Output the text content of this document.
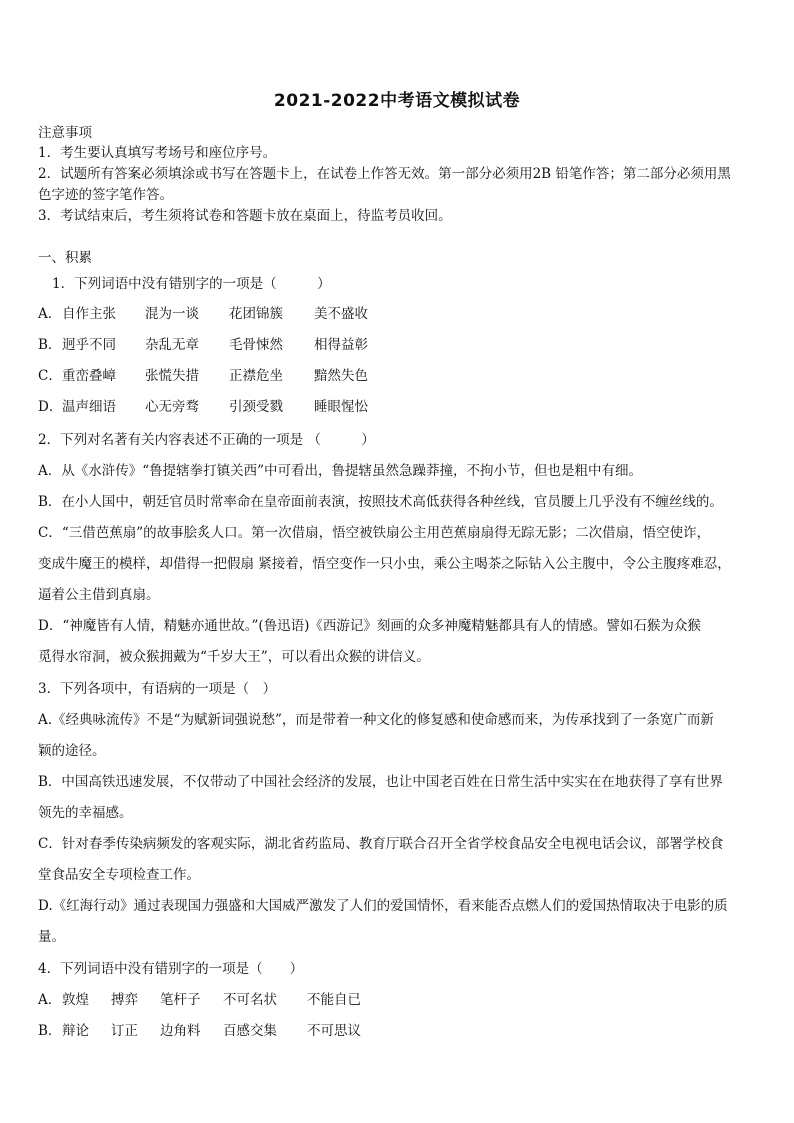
2021-2022中考语文模拟试卷
注意事项
1．考生要认真填写考场号和座位序号。
2．试题所有答案必须填涂或书写在答题卡上，在试卷上作答无效。第一部分必须用2B 铅笔作答；第二部分必须用黑
色字迹的签字笔作答。
3．考试结束后，考生须将试卷和答题卡放在桌面上，待监考员收回。
一、积累
1．下列词语中没有错别字的一项是（　　　）
A．自作主张 混为一谈 花团锦簇 美不盛收
B．迥乎不同 杂乱无章 毛骨悚然 相得益彰
C．重峦叠嶂 张慌失措 正襟危坐 黯然失色
D．温声细语 心无旁骛 引颈受戮 睡眼惺忪
2．下列对名著有关内容表述不正确的一项是 （　　　）
A．从《水浒传》“鲁提辖拳打镇关西”中可看出，鲁提辖虽然急躁莽撞，不拘小节，但也是粗中有细。
B．在小人国中，朝廷官员时常率命在皇帝面前表演，按照技术高低获得各种丝线，官员腰上几乎没有不缠丝线的。
C．“三借芭蕉扇”的故事脍炙人口。第一次借扇，悟空被铁扇公主用芭蕉扇扇得无踪无影；二次借扇，悟空使诈，
变成牛魔王的模样，却借得一把假扇 紧接着，悟空变作一只小虫，乘公主喝茶之际钻入公主腹中，令公主腹疼难忍，
逼着公主借到真扇。
D．“神魔皆有人情，精魅亦通世故。”(鲁迅语)《西游记》刻画的众多神魔精魅都具有人的情感。譬如石猴为众猴
觅得水帘洞，被众猴拥戴为“千岁大王”，可以看出众猴的讲信义。
3．下列各项中，有语病的一项是（　）
A.《经典咏流传》不是“为赋新词强说愁”，而是带着一种文化的修复感和使命感而来，为传承找到了一条宽广而新
颖的途径。
B．中国高铁迅速发展，不仅带动了中国社会经济的发展，也让中国老百姓在日常生活中实实在在地获得了享有世界
领先的幸福感。
C．针对春季传染病频发的客观实际，湖北省药监局、教育厅联合召开全省学校食品安全电视电话会议，部署学校食
堂食品安全专项检查工作。
D.《红海行动》通过表现国力强盛和大国威严激发了人们的爱国情怀，看来能否点燃人们的爱国热情取决于电影的质
量。
4．下列词语中没有错别字的一项是（　　）
A．敦煌 搏弈 笔杆子 不可名状 不能自已
B．辩论 订正 边角料 百感交集 不可思议
